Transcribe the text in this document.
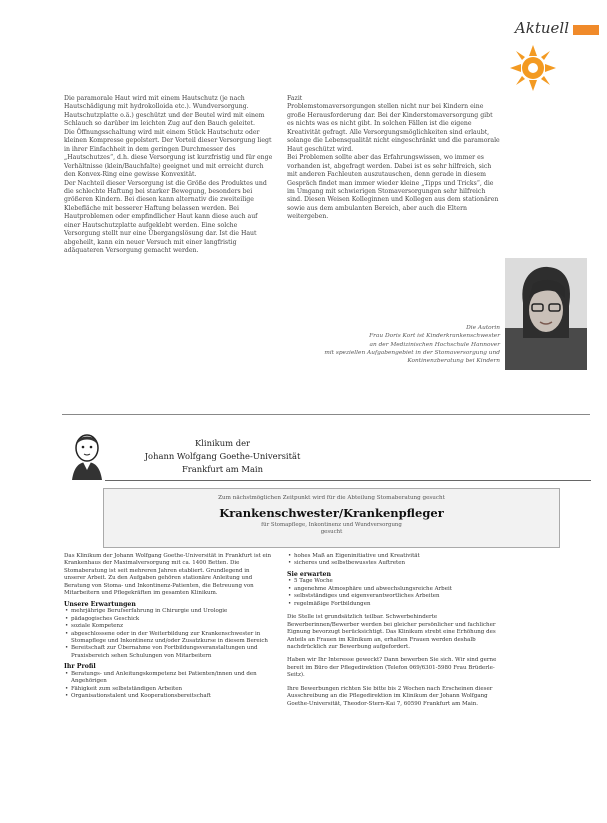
Aktuell

Die paramorale Haut wird mit einem Hautschutz (je nach Hautschädigung mit hydrokolloida etc.). Wundversorgung. Hautschutzplatte o.ä.) geschützt und der Beutel wird mit einem Schlauch so darüber im leichten Zug auf den Bauch geleitet.

Die Öffnungsschaltung wird mit einem Stück Hautschutz oder kleinen Kompresse gepolstert. Der Vorteil dieser Versorgung liegt in ihrer Einfachheit in dem geringen Durchmesser des „Hautschutzes“, d.h. diese Versorgung ist kurzfristig und für enge Verhältnisse (klein/Bauchfalte) geeignet und mit erreicht durch den Konvex-Ring eine gewisse Konvexität.

Der Nachteil dieser Versorgung ist die Größe des Produktes und die schlechte Haftung bei starker Bewegung, besonders bei größeren Kindern. Bei diesen kann alternativ die zweiteilige Klebefläche mit besserer Haftung belassen werden. Bei Hautproblemen oder empfindlicher Haut kann diese auch auf einer Hautschutzplatte aufgeklebt werden. Eine solche Versorgung stellt nur eine Übergangslösung dar. Ist die Haut abgeheilt, kann ein neuer Versuch mit einer langfristig adäquateren Versorgung gemacht werden.

Fazit

Problemstomaversorgungen stellen nicht nur bei Kindern eine große Herausforderung dar. Bei der Kinderstomaversorgung gibt es nichts was es nicht gibt. In solchen Fällen ist die eigene Kreativität gefragt. Alle Versorgungsmöglichkeiten sind erlaubt, solange die Lebensqualität nicht eingeschränkt und die paramorale Haut geschützt wird.

Bei Problemen sollte aber das Erfahrungswissen, wo immer es vorhanden ist, abgefragt werden. Dabei ist es sehr hilfreich, sich mit anderen Fachleuten auszutauschen, denn gerade in diesem Gespräch findet man immer wieder kleine „Tipps und Tricks“, die im Umgang mit schwierigen Stomaversorgungen sehr hilfreich sind. Diesen Weisen Kolleginnen und Kollegen aus dem stationären sowie aus dem ambulanten Bereich, aber auch die Eltern weitergeben.

Die Autorin
Frau Doris Kort ist Kinderkrankenschwester
an der Medizinischen Hochschule Hannover
mit speziellen Aufgabengebiet in der Stomaversorgung und Kontinenzberatung bei Kindern
Klinikum der
Johann Wolfgang Goethe-Universität
Frankfurt am Main
Zum nächstmöglichen Zeitpunkt wird für die Abteilung Stomaberatung gesucht
Krankenschwester/Krankenpfleger
für Stomapflege, Inkontinenz und Wundversorgung
gesucht

Das Klinikum der Johann Wolfgang Goethe-Universität in Frankfurt ist ein Krankenhaus der Maximalversorgung mit ca. 1400 Betten. Die Stomaberatung ist seit mehreren Jahren etabliert. Grundlegend in unserer Arbeit. Zu den Aufgaben gehören stationäre Anleitung und Beratung von Stoma- und Inkontinenz-Patienten, die Betreuung von Mitarbeitern und Pflegekräften im gesamten Klinikum.

Unsere Erwartungen
• mehrjährige Berufserfahrung in Chirurgie und Urologie
• pädagogisches Geschick
• soziale Kompetenz
• abgeschlossene oder in der Weiterbildung zur Krankenschwester in Stomapflege und Inkontinenz und/oder Zusatzkurse in diesem Bereich
• Bereitschaft zur Übernahme von Fortbildungsveranstaltungen und Praxisbereich sehen Schulungen von Mitarbeitern
Ihr Profil
• Beratungs- und Anleitungskompetenz bei Patienten/innen und den Angehörigen
• Fähigkeit zum selbstständigen Arbeiten
• Organisationstalent und Kooperationsbereitschaft
• hohes Maß an Eigeninitiative und Kreativität
• sicheres und selbstbewusstes Auftreten
Sie erwarten
• 5 Tage Woche
• angenehme Atmosphäre und abwechslungsreiche Arbeit
• selbstständiges und eigenverantwortliches Arbeiten
• regelmäßige Fortbildungen

Die Stelle ist grundsätzlich teilbar. Schwerbehinderte Bewerberinnen/Bewerber werden bei gleicher persönlicher und fachlicher Eignung bevorzugt berücksichtigt. Das Klinikum strebt eine Erhöhung des Anteils an Frauen im Klinikum an, erhalten Frauen werden deshalb nachdrücklich zur Bewerbung aufgefordert.

Haben wir Ihr Interesse geweckt? Dann bewerben Sie sich. Wir sind gerne bereit im Büro der Pflegedirektion (Telefon 069/6301-5980 Frau Brüderle-Seitz).

Ihre Bewerbungen richten Sie bitte bis 2 Wochen nach Erscheinen dieser Ausschreibung an die Pflegedirektion im Klinikum der Johann Wolfgang Goethe-Universität, Theodor-Stern-Kai 7, 60590 Frankfurt am Main.
